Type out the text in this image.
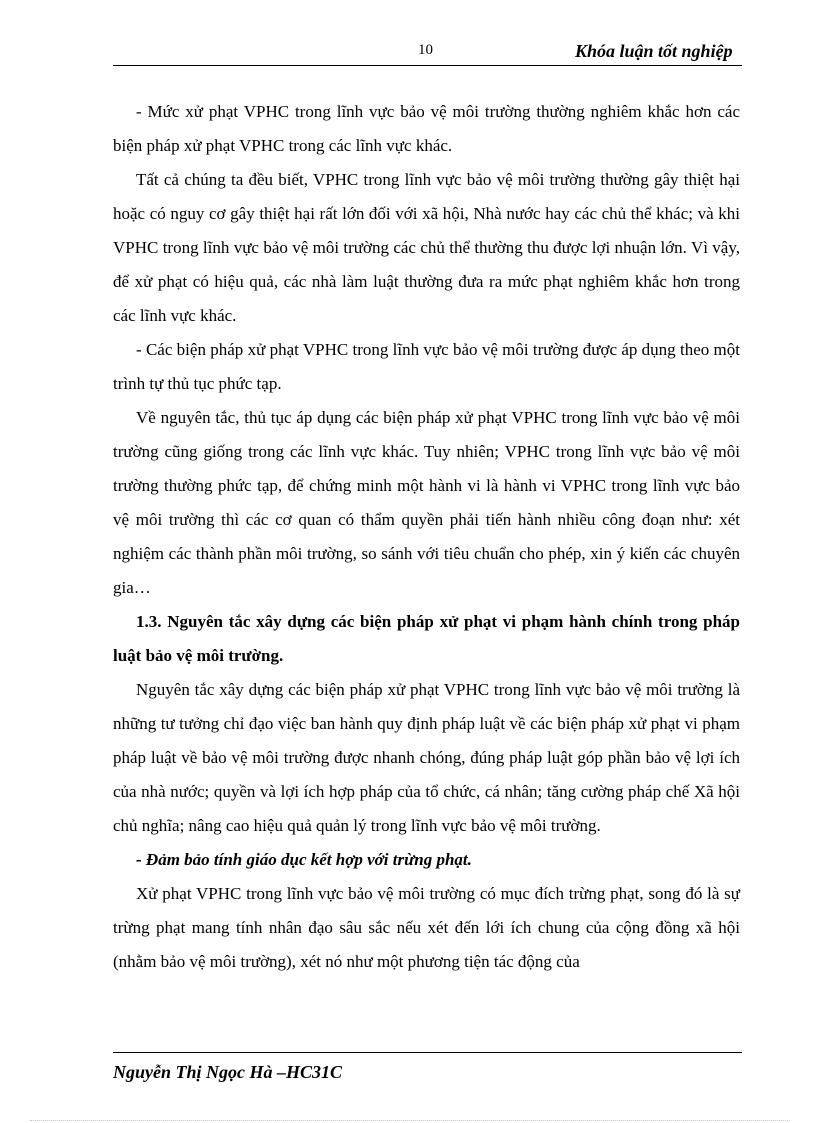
10	Khóa luận tốt nghiệp

- Mức xử phạt VPHC trong lĩnh vực bảo vệ môi trường thường nghiêm khắc hơn các biện pháp xử phạt VPHC trong các lĩnh vực khác.

Tất cả chúng ta đều biết, VPHC trong lĩnh vực bảo vệ môi trường thường gây thiệt hại hoặc có nguy cơ gây thiệt hại rất lớn đối với xã hội, Nhà nước hay các chủ thể khác; và khi VPHC trong lĩnh vực bảo vệ môi trường các chủ thể thường thu được lợi nhuận lớn. Vì vậy, để xử phạt có hiệu quả, các nhà làm luật thường đưa ra mức phạt nghiêm khắc hơn trong các lĩnh vực khác.

- Các biện pháp xử phạt VPHC trong lĩnh vực bảo vệ môi trường được áp dụng theo một trình tự thủ tục phức tạp.

Về nguyên tắc, thủ tục áp dụng các biện pháp xử phạt VPHC trong lĩnh vực bảo vệ môi trường cũng giống trong các lĩnh vực khác. Tuy nhiên; VPHC trong lĩnh vực bảo vệ môi trường thường phức tạp, để chứng minh một hành vi là hành vi VPHC trong lĩnh vực bảo vệ môi trường thì các cơ quan có thẩm quyền phải tiến hành nhiều công đoạn như: xét nghiệm các thành phần môi trường, so sánh với tiêu chuẩn cho phép, xin ý kiến các chuyên gia…

1.3. Nguyên tắc xây dựng các biện pháp xử phạt vi phạm hành chính trong pháp luật bảo vệ môi trường.

Nguyên tắc xây dựng các biện pháp xử phạt VPHC trong lĩnh vực bảo vệ môi trường là những tư tưởng chỉ đạo việc ban hành quy định pháp luật về các biện pháp xử phạt vi phạm pháp luật về bảo vệ môi trường được nhanh chóng, đúng pháp luật góp phần bảo vệ lợi ích của nhà nước; quyền và lợi ích hợp pháp của tổ chức, cá nhân; tăng cường pháp chế Xã hội chủ nghĩa; nâng cao hiệu quả quản lý trong lĩnh vực bảo vệ môi trường.

- Đảm bảo tính giáo dục kết hợp với trừng phạt.

Xử phạt VPHC trong lĩnh vực bảo vệ môi trường có mục đích trừng phạt, song đó là sự trừng phạt mang tính nhân đạo sâu sắc nếu xét đến lới ích chung của cộng đồng xã hội (nhằm bảo vệ môi trường), xét nó như một phương tiện tác động của

Nguyễn Thị Ngọc Hà –HC31C
